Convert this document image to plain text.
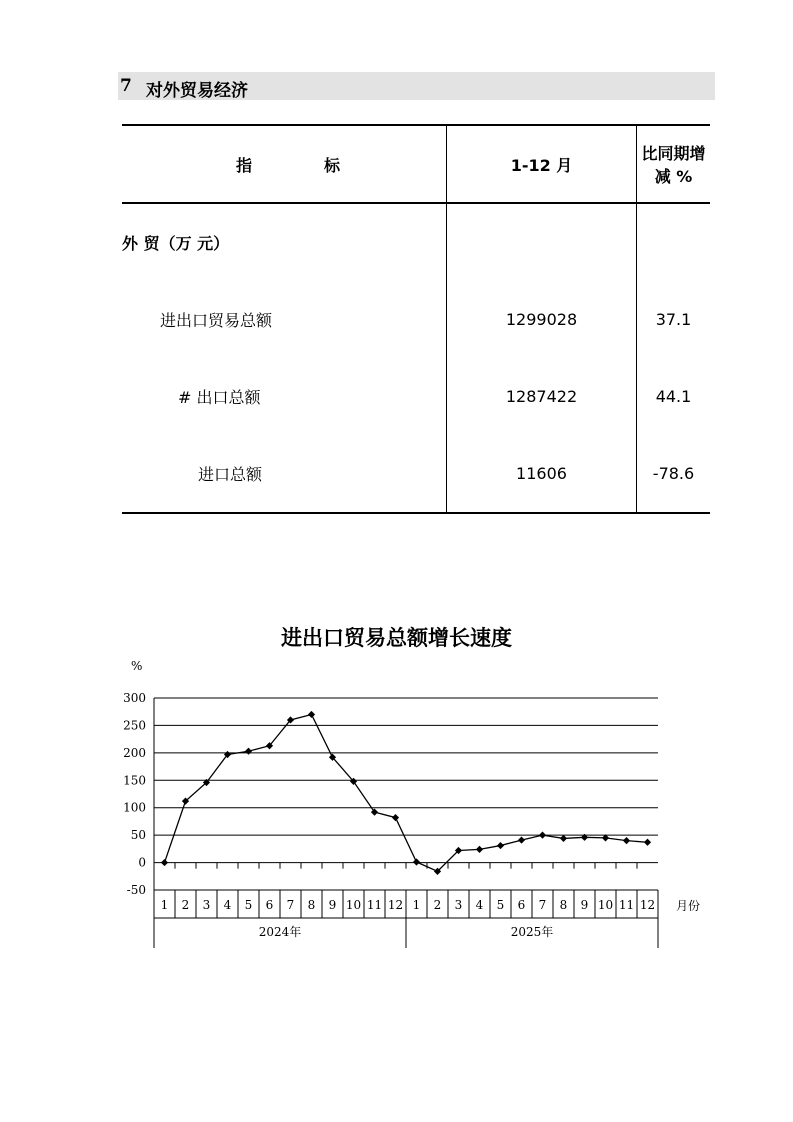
7 对外贸易经济
指 标	1-12 月	比同期增减 %
外 贸（万 元）		
进出口贸易总额	1299028	37.1
# 出口总额	1287422	44.1
进口总额	11606	-78.6
进出口贸易总额增长速度
%
300
250
200
150
100
50
0
-50
1 2 3 4 5 6 7 8 9 10 11 12 1 2 3 4 5 6 7 8 9 10 11 12
2024年	2025年
月份
